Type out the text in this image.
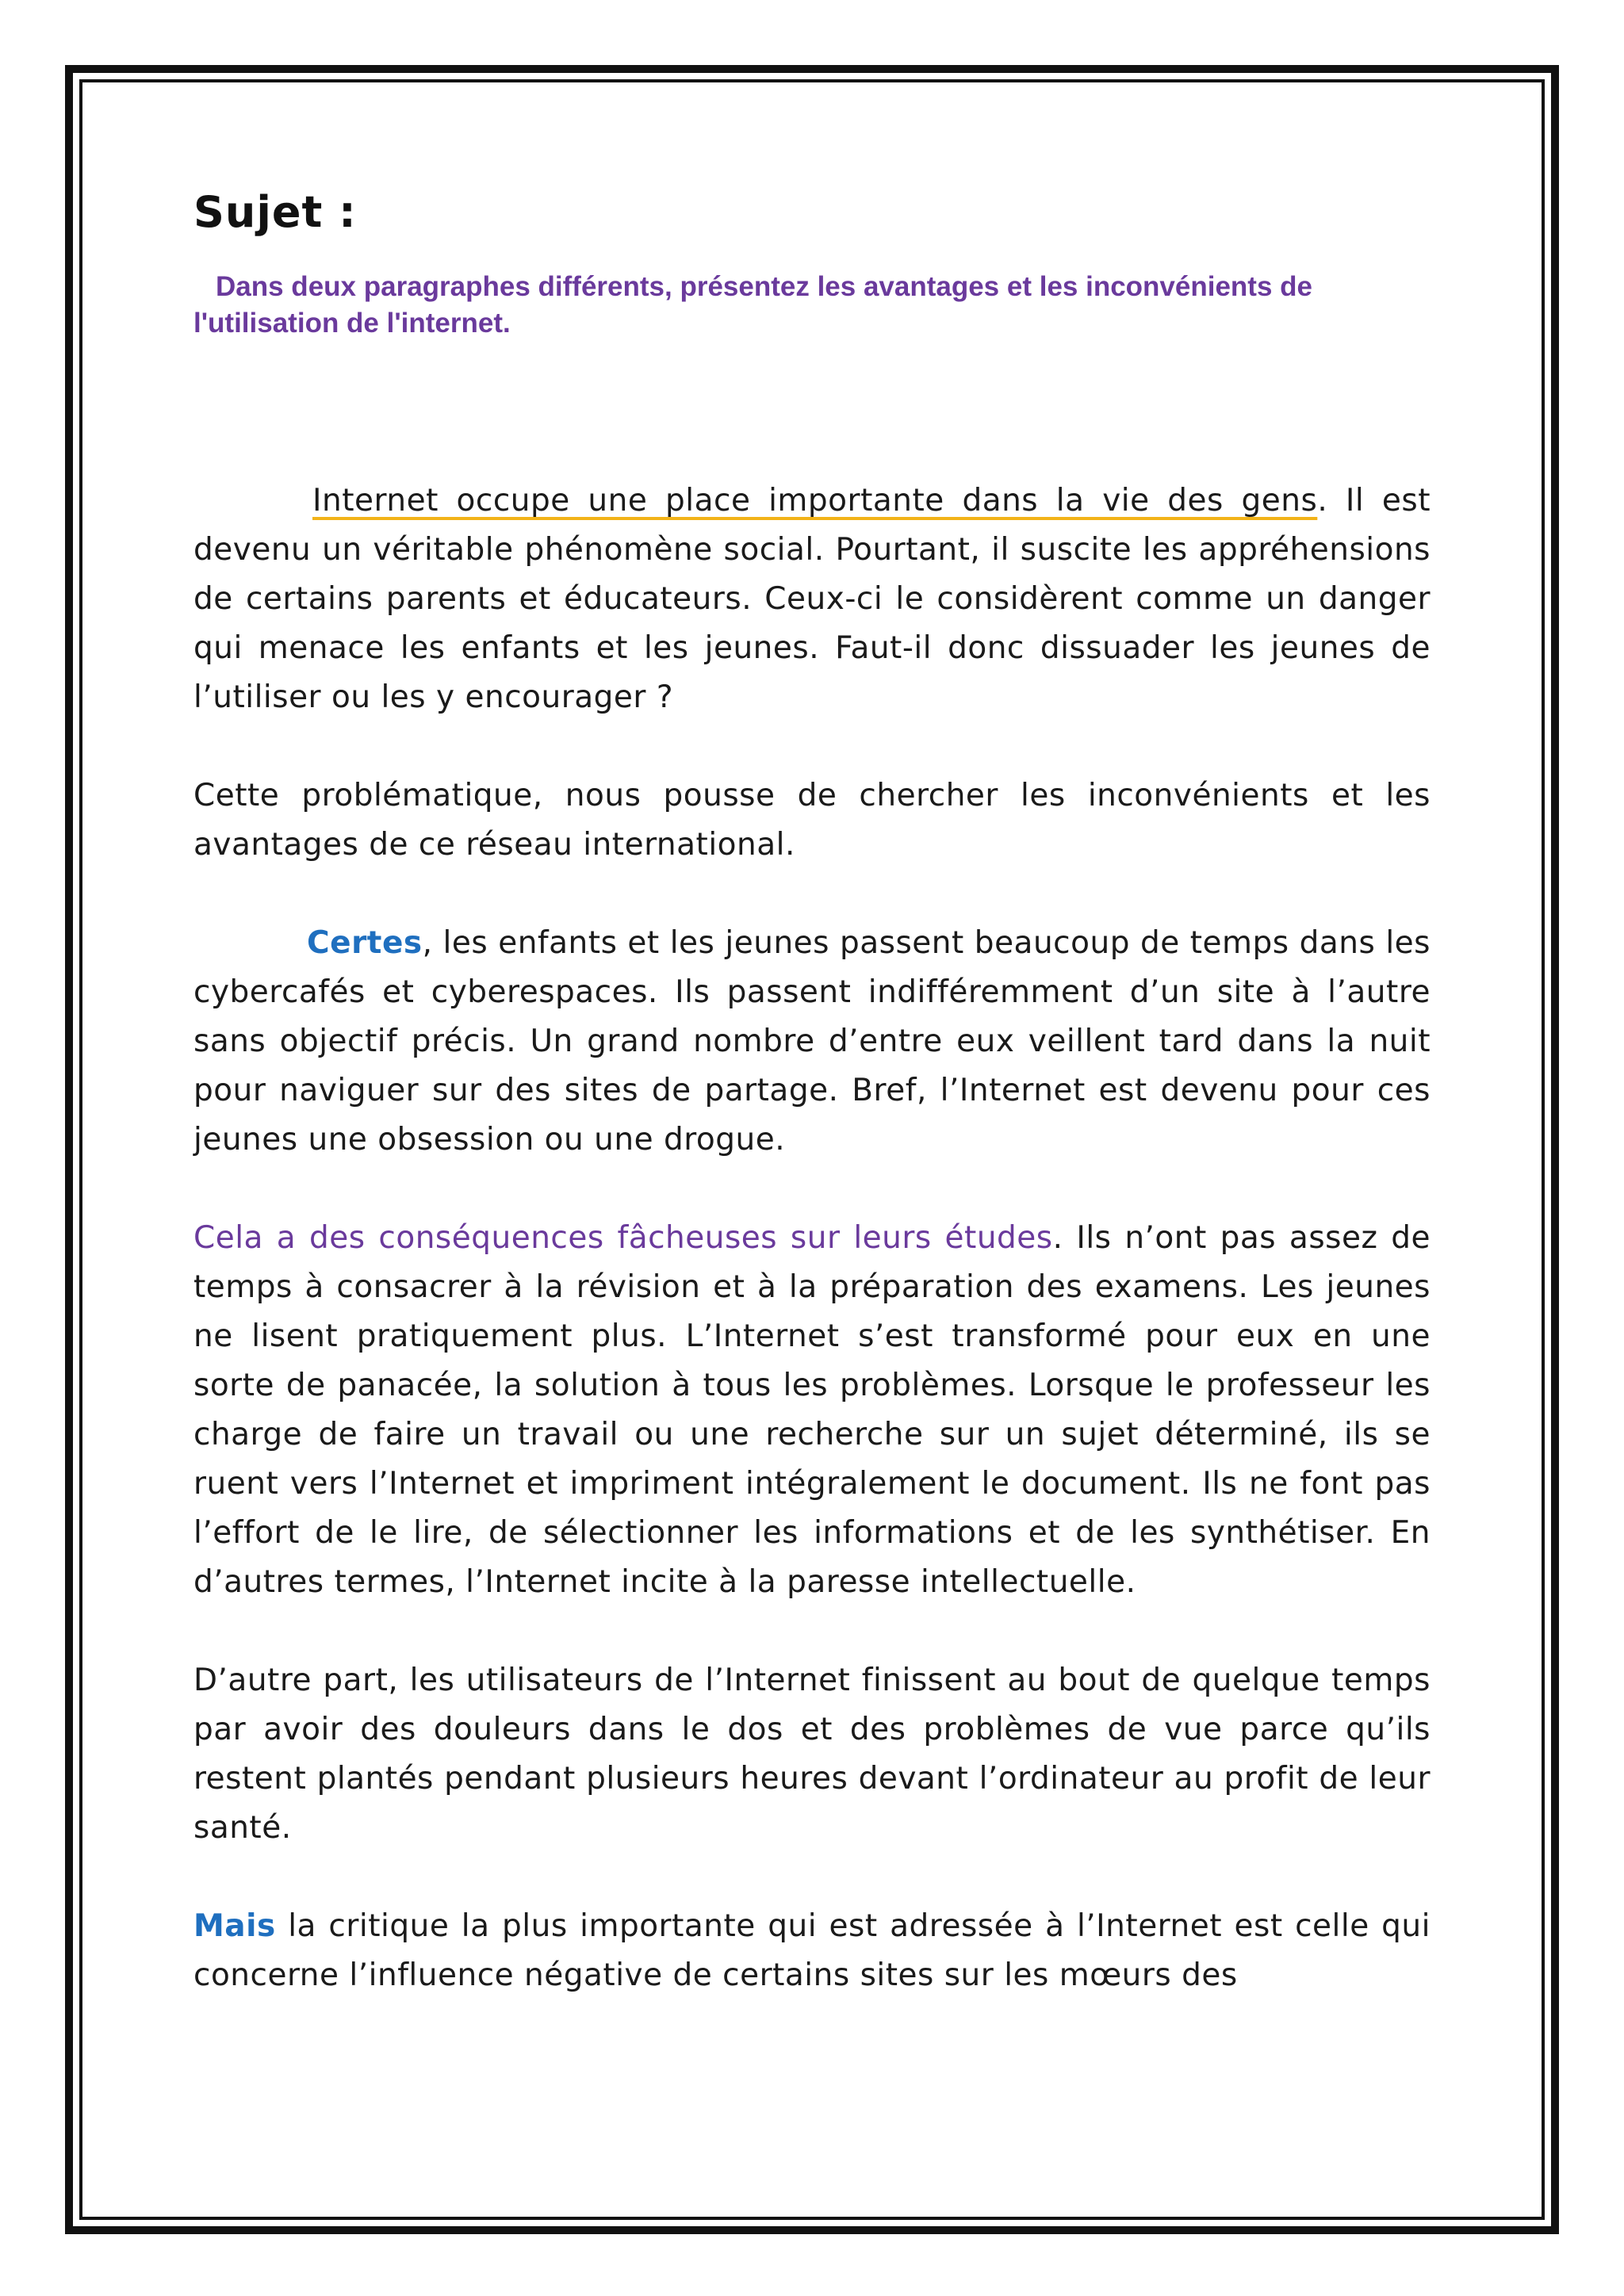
Sujet :

Dans deux paragraphes différents, présentez les avantages et les inconvénients de l'utilisation de l'internet.

Internet occupe une place importante dans la vie des gens. Il est devenu un véritable phénomène social. Pourtant, il suscite les appréhensions de certains parents et éducateurs. Ceux-ci le considèrent comme un danger qui menace les enfants et les jeunes. Faut-il donc dissuader les jeunes de l’utiliser ou les y encourager ?

Cette problématique, nous pousse de chercher les inconvénients et les avantages de ce réseau international.

Certes, les enfants et les jeunes passent beaucoup de temps dans les cybercafés et cyberespaces. Ils passent indifféremment d’un site à l’autre sans objectif précis. Un grand nombre d’entre eux veillent tard dans la nuit pour naviguer sur des sites de partage. Bref, l’Internet est devenu pour ces jeunes une obsession ou une drogue.

Cela a des conséquences fâcheuses sur leurs études. Ils n’ont pas assez de temps à consacrer à la révision et à la préparation des examens. Les jeunes ne lisent pratiquement plus. L’Internet s’est transformé pour eux en une sorte de panacée, la solution à tous les problèmes. Lorsque le professeur les charge de faire un travail ou une recherche sur un sujet déterminé, ils se ruent vers l’Internet et impriment intégralement le document. Ils ne font pas l’effort de le lire, de sélectionner les informations et de les synthétiser. En d’autres termes, l’Internet incite à la paresse intellectuelle.

D’autre part, les utilisateurs de l’Internet finissent au bout de quelque temps par avoir des douleurs dans le dos et des problèmes de vue parce qu’ils restent plantés pendant plusieurs heures devant l’ordinateur au profit de leur santé.

Mais la critique la plus importante qui est adressée à l’Internet est celle qui concerne l’influence négative de certains sites sur les mœurs des
